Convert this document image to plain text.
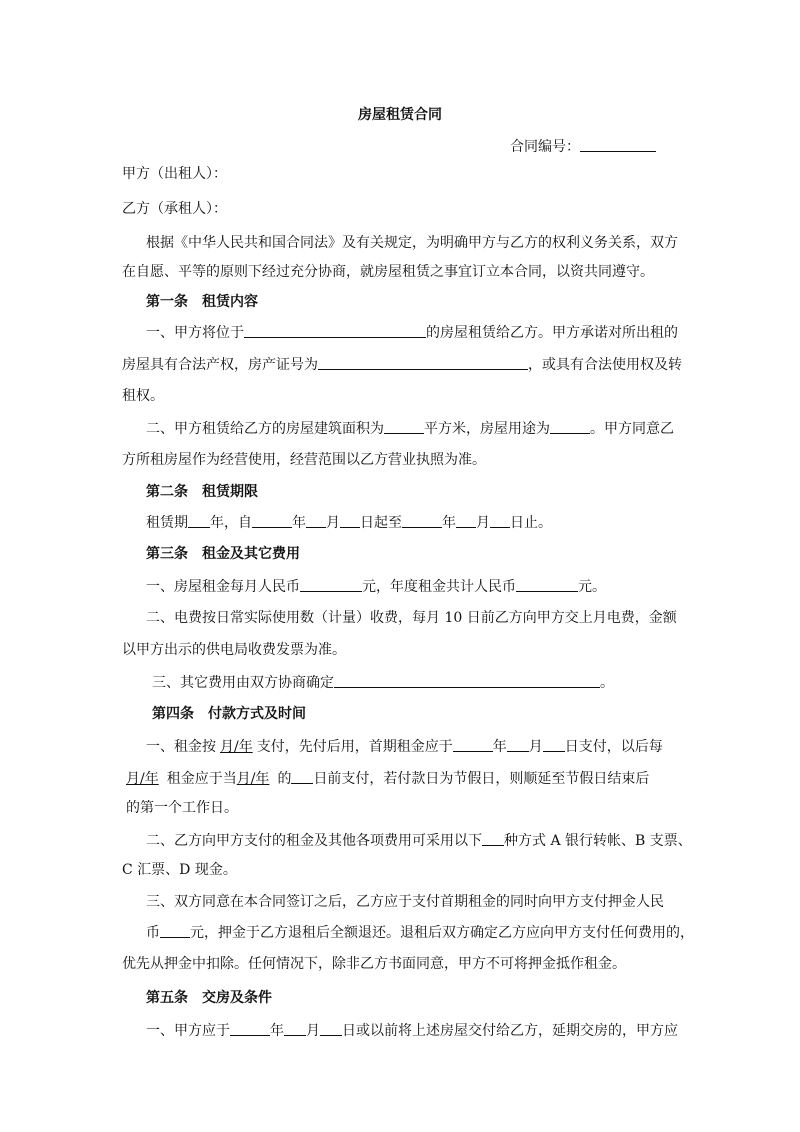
房屋租赁合同
合同编号：
甲方（出租人）：
乙方（承租人）：
根据《中华人民共和国合同法》及有关规定，为明确甲方与乙方的权利义务关系，双方
在自愿、平等的原则下经过充分协商，就房屋租赁之事宜订立本合同，以资共同遵守。
第一条　租赁内容
一、甲方将位于	的房屋租赁给乙方。甲方承诺对所出租的
房屋具有合法产权，房产证号为	，或具有合法使用权及转
租权。
二、甲方租赁给乙方的房屋建筑面积为	平方米，房屋用途为	。甲方同意乙
方所租房屋作为经营使用，经营范围以乙方营业执照为准。
第二条　租赁期限
租赁期 年，自	年 月 日起至	年 月 日止。
第三条　租金及其它费用
一、房屋租金每月人民币	元，年度租金共计人民币	元。
二、电费按日常实际使用数（计量）收费，每月 10 日前乙方向甲方交上月电费，金额
以甲方出示的供电局收费发票为准。
三、其它费用由双方协商确定	。
第四条　付款方式及时间
一、租金按 月/年 支付，先付后用，首期租金应于	年 月 日支付，以后每
月/年 租金应于当月/年 的 日前支付，若付款日为节假日，则顺延至节假日结束后
的第一个工作日。
二、乙方向甲方支付的租金及其他各项费用可采用以下 种方式 A 银行转帐、B 支票、
C 汇票、D 现金。
三、双方同意在本合同签订之后，乙方应于支付首期租金的同时向甲方支付押金人民
币 元，押金于乙方退租后全额退还。退租后双方确定乙方应向甲方支付任何费用的，
优先从押金中扣除。任何情况下，除非乙方书面同意，甲方不可将押金抵作租金。
第五条　交房及条件
一、甲方应于	年 月 日或以前将上述房屋交付给乙方，延期交房的，甲方应
